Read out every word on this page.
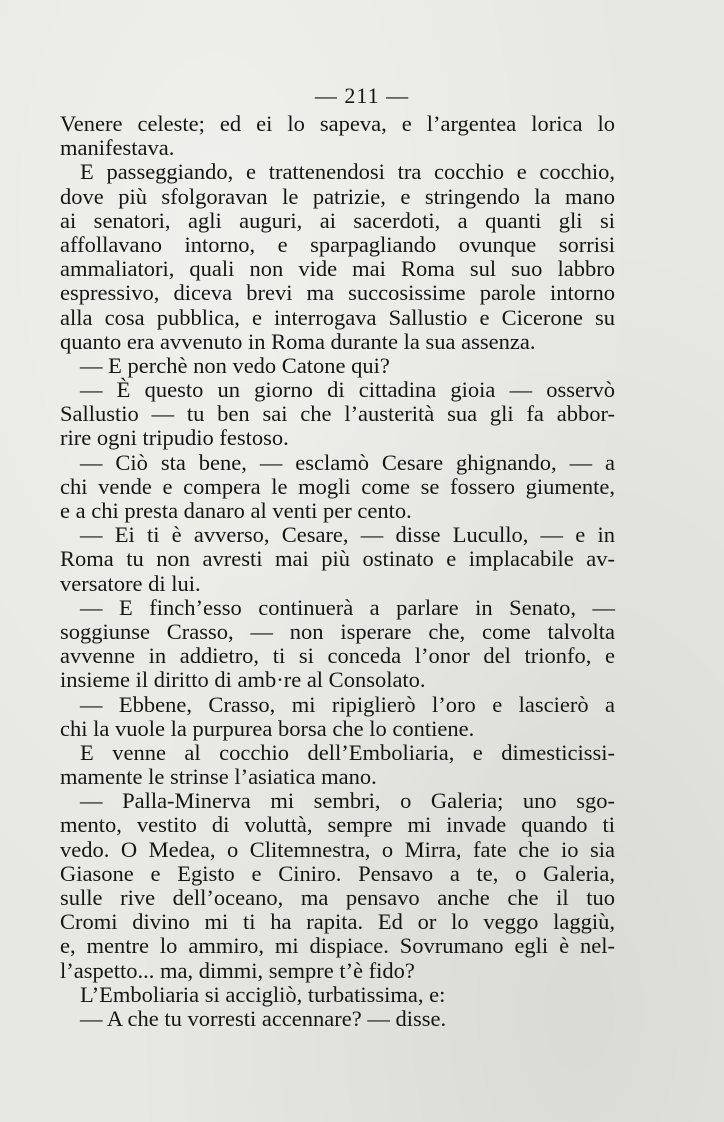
— 211 —
Venere celeste; ed ei lo sapeva, e l’argentea lorica lo
manifestava.
E passeggiando, e trattenendosi tra cocchio e cocchio,
dove più sfolgoravan le patrizie, e stringendo la mano
ai senatori, agli auguri, ai sacerdoti, a quanti gli si
affollavano intorno, e sparpagliando ovunque sorrisi
ammaliatori, quali non vide mai Roma sul suo labbro
espressivo, diceva brevi ma succosissime parole intorno
alla cosa pubblica, e interrogava Sallustio e Cicerone su
quanto era avvenuto in Roma durante la sua assenza.
— E perchè non vedo Catone qui?
— È questo un giorno di cittadina gioia — osservò
Sallustio — tu ben sai che l’austerità sua gli fa abbor-
rire ogni tripudio festoso.
— Ciò sta bene, — esclamò Cesare ghignando, — a
chi vende e compera le mogli come se fossero giumente,
e a chi presta danaro al venti per cento.
— Ei ti è avverso, Cesare, — disse Lucullo, — e in
Roma tu non avresti mai più ostinato e implacabile av-
versatore di lui.
— E finch’esso continuerà a parlare in Senato, —
soggiunse Crasso, — non isperare che, come talvolta
avvenne in addietro, ti si conceda l’onor del trionfo, e
insieme il diritto di amb·re al Consolato.
— Ebbene, Crasso, mi ripiglierò l’oro e lascierò a
chi la vuole la purpurea borsa che lo contiene.
E venne al cocchio dell’Emboliaria, e dimesticissi-
mamente le strinse l’asiatica mano.
— Palla-Minerva mi sembri, o Galeria; uno sgo-
mento, vestito di voluttà, sempre mi invade quando ti
vedo. O Medea, o Clitemnestra, o Mirra, fate che io sia
Giasone e Egisto e Ciniro. Pensavo a te, o Galeria,
sulle rive dell’oceano, ma pensavo anche che il tuo
Cromi divino mi ti ha rapita. Ed or lo veggo laggiù,
e, mentre lo ammiro, mi dispiace. Sovrumano egli è nel-
l’aspetto... ma, dimmi, sempre t’è fido?
L’Emboliaria si accigliò, turbatissima, e:
— A che tu vorresti accennare? — disse.
